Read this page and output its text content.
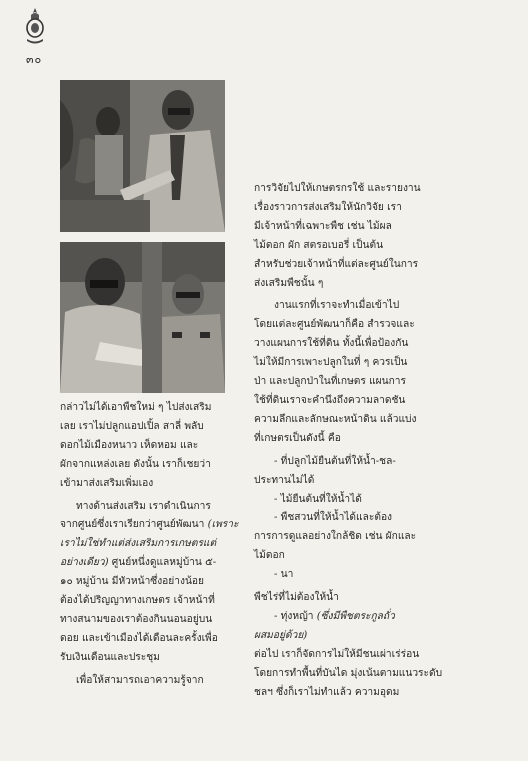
๓๐

การวิจัยไปให้เกษตรกรใช้ และรายงาน

เรื่องราวการส่งเสริมให้นักวิจัย เรา

มีเจ้าหน้าที่เฉพาะพืช เช่น ไม้ผล

ไม้ดอก ผัก สตรอเบอรี่ เป็นต้น

สำหรับช่วยเจ้าหน้าที่แต่ละศูนย์ในการ

ส่งเสริมพืชนั้น ๆ

งานแรกที่เราจะทำเมื่อเข้าไป

โดยแต่ละศูนย์พัฒนาก็คือ สำรวจและ

วางแผนการใช้ที่ดิน ทั้งนี้เพื่อป้องกัน

ไม่ให้มีการเพาะปลูกในที่ ๆ ควรเป็น

ป่า และปลูกป่าในที่เกษตร แผนการ

ใช้ที่ดินเราจะคำนึงถึงความลาดชัน

ความลึกและลักษณะหน้าดิน แล้วแบ่ง

ที่เกษตรเป็นดังนี้ คือ

- ที่ปลูกไม้ยืนต้นที่ให้น้ำ-ชล-

ประทานไม่ได้

- ไม้ยืนต้นที่ให้น้ำได้

- พืชสวนที่ให้น้ำได้และต้อง

การการดูแลอย่างใกล้ชิด เช่น ผักและ

ไม้ดอก

- นา

พืชไร่ที่ไม่ต้องให้น้ำ

- ทุ่งหญ้า (ซึ่งมีพืชตระกูลถั่ว

ผสมอยู่ด้วย)

ต่อไป เราก็จัดการไม่ให้มีชนเผ่าเร่ร่อน

โดยการทำพื้นที่บันได มุ่งเน้นตามแนวระดับ

ชลฯ ซึ่งก็เราไม่ทำแล้ว ความอุดม

กล่าวไม่ได้เอาพืชใหม่ ๆ ไปส่งเสริม

เลย เราไม่ปลูกแอปเปิ้ล สาลี่ พลับ

ดอกไม้เมืองหนาว เห็ดหอม และ

ผักจากแหล่งเลย ดังนั้น เราก็เชยว่า

เข้ามาส่งเสริมเพิ่มเอง

ทางด้านส่งเสริม เราดำเนินการ

จากศูนย์ซึ่งเราเรียกว่าศูนย์พัฒนา (เพราะ

เราไม่ใช่ทำแต่ส่งเสริมการเกษตรแต่

อย่างเดียว) ศูนย์หนึ่งดูแลหมู่บ้าน ๕-

๑๐ หมู่บ้าน มีหัวหน้าซึ่งอย่างน้อย

ต้องได้ปริญญาทางเกษตร เจ้าหน้าที่

ทางสนามของเราต้องกินนอนอยู่บน

ดอย และเข้าเมืองได้เดือนละครั้งเพื่อ

รับเงินเดือนและประชุม

เพื่อให้สามารถเอาความรู้จาก
